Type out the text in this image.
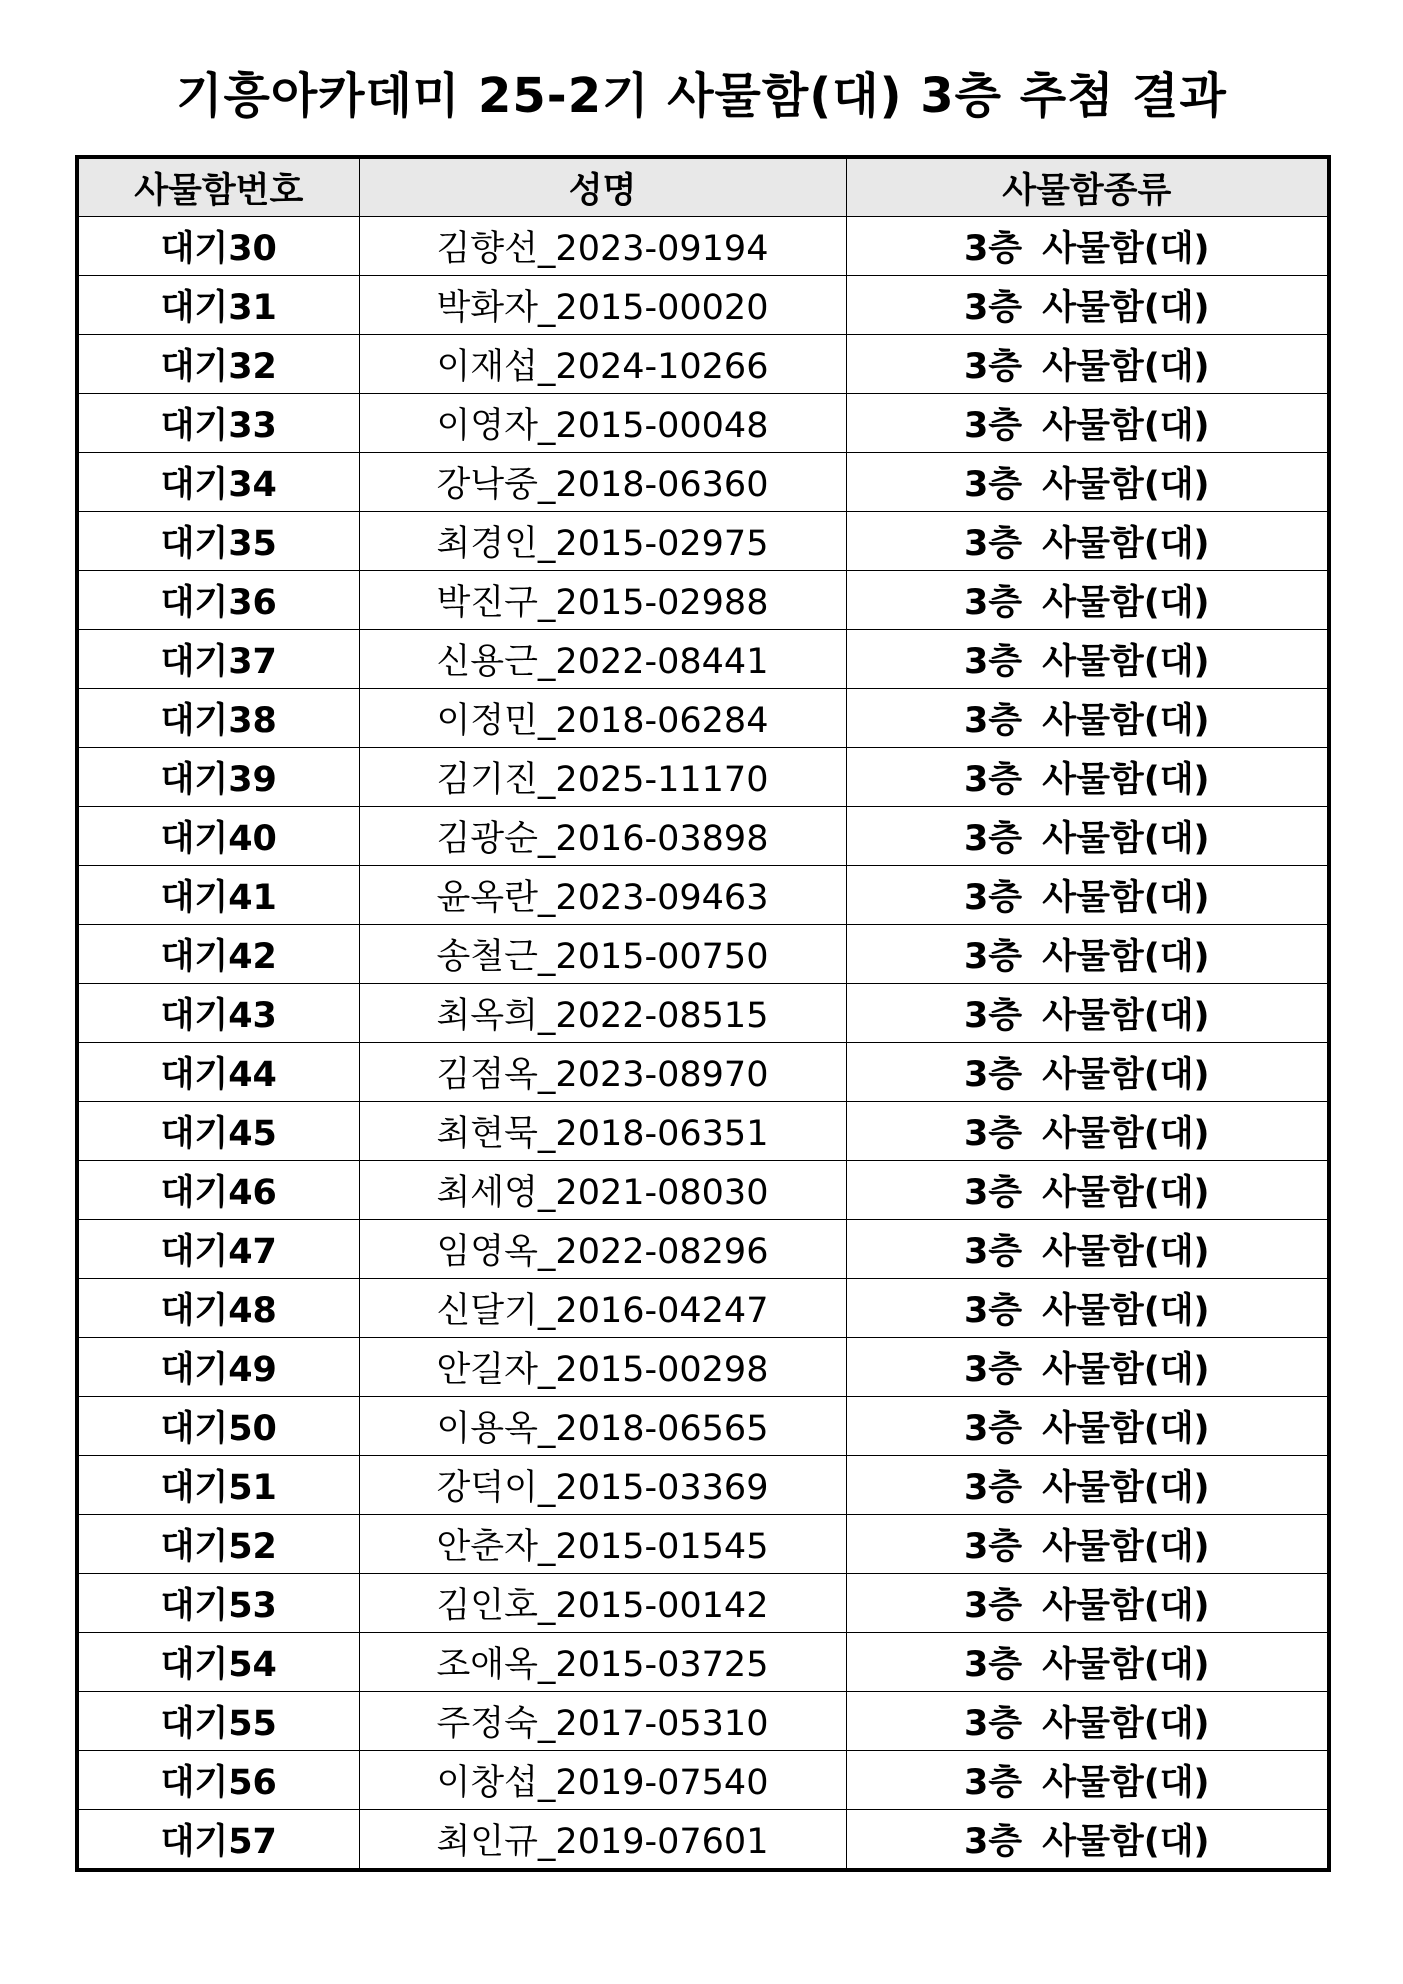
기흥아카데미 25-2기 사물함(대) 3층 추첨 결과
사물함번호	성명	사물함종류
대기30	김향선_2023-09194	3층 사물함(대)
대기31	박화자_2015-00020	3층 사물함(대)
대기32	이재섭_2024-10266	3층 사물함(대)
대기33	이영자_2015-00048	3층 사물함(대)
대기34	강낙중_2018-06360	3층 사물함(대)
대기35	최경인_2015-02975	3층 사물함(대)
대기36	박진구_2015-02988	3층 사물함(대)
대기37	신용근_2022-08441	3층 사물함(대)
대기38	이정민_2018-06284	3층 사물함(대)
대기39	김기진_2025-11170	3층 사물함(대)
대기40	김광순_2016-03898	3층 사물함(대)
대기41	윤옥란_2023-09463	3층 사물함(대)
대기42	송철근_2015-00750	3층 사물함(대)
대기43	최옥희_2022-08515	3층 사물함(대)
대기44	김점옥_2023-08970	3층 사물함(대)
대기45	최현묵_2018-06351	3층 사물함(대)
대기46	최세영_2021-08030	3층 사물함(대)
대기47	임영옥_2022-08296	3층 사물함(대)
대기48	신달기_2016-04247	3층 사물함(대)
대기49	안길자_2015-00298	3층 사물함(대)
대기50	이용옥_2018-06565	3층 사물함(대)
대기51	강덕이_2015-03369	3층 사물함(대)
대기52	안춘자_2015-01545	3층 사물함(대)
대기53	김인호_2015-00142	3층 사물함(대)
대기54	조애옥_2015-03725	3층 사물함(대)
대기55	주정숙_2017-05310	3층 사물함(대)
대기56	이창섭_2019-07540	3층 사물함(대)
대기57	최인규_2019-07601	3층 사물함(대)
